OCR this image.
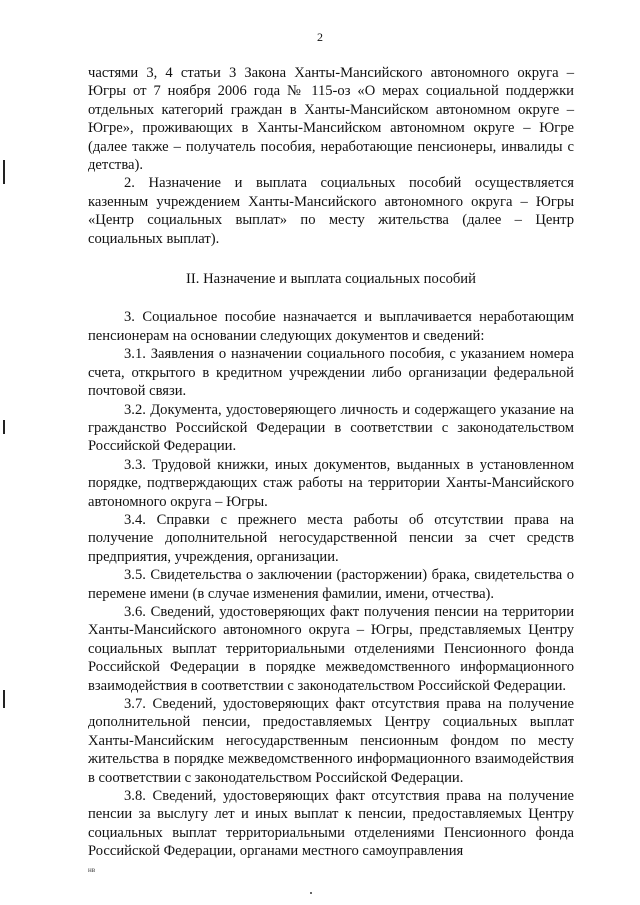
2

частями 3, 4 статьи 3 Закона Ханты-Мансийского автономного округа – Югры от 7 ноября 2006 года № 115-оз «О мерах социальной поддержки отдельных категорий граждан в Ханты-Мансийском автономном округе – Югре», проживающих в Ханты-Мансийском автономном округе – Югре (далее также – получатель пособия, неработающие пенсионеры, инвалиды с детства).

2. Назначение и выплата социальных пособий осуществляется казенным учреждением Ханты-Мансийского автономного округа – Югры «Центр социальных выплат» по месту жительства (далее – Центр социальных выплат).

II. Назначение и выплата социальных пособий

3. Социальное пособие назначается и выплачивается неработающим пенсионерам на основании следующих документов и сведений:

3.1. Заявления о назначении социального пособия, с указанием номера счета, открытого в кредитном учреждении либо организации федеральной почтовой связи.

3.2. Документа, удостоверяющего личность и содержащего указание на гражданство Российской Федерации в соответствии с законодательством Российской Федерации.

3.3. Трудовой книжки, иных документов, выданных в установленном порядке, подтверждающих стаж работы на территории Ханты-Мансийского автономного округа – Югры.

3.4. Справки с прежнего места работы об отсутствии права на получение дополнительной негосударственной пенсии за счет средств предприятия, учреждения, организации.

3.5. Свидетельства о заключении (расторжении) брака, свидетельства о перемене имени (в случае изменения фамилии, имени, отчества).

3.6. Сведений, удостоверяющих факт получения пенсии на территории Ханты-Мансийского автономного округа – Югры, представляемых Центру социальных выплат территориальными отделениями Пенсионного фонда Российской Федерации в порядке межведомственного информационного взаимодействия в соответствии с законодательством Российской Федерации.

3.7. Сведений, удостоверяющих факт отсутствия права на получение дополнительной пенсии, предоставляемых Центру социальных выплат Ханты-Мансийским негосударственным пенсионным фондом по месту жительства в порядке межведомственного информационного взаимодействия в соответствии с законодательством Российской Федерации.

3.8. Сведений, удостоверяющих факт отсутствия права на получение пенсии за выслугу лет и иных выплат к пенсии, предоставляемых Центру социальных выплат территориальными отделениями Пенсионного фонда Российской Федерации, органами местного самоуправления

нв
